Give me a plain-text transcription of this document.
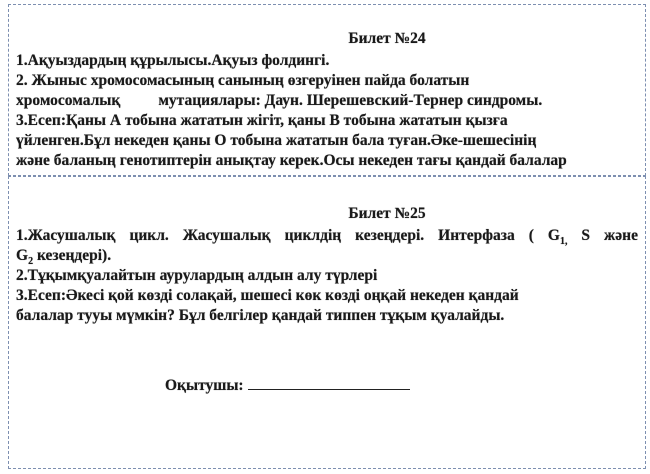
Билет №24
1.Ақуыздардың құрылысы.Ақуыз фолдингі.
2. Жыныс хромосомасының санының өзгеруінен пайда болатын
хромосомалық мутациялары: Даун. Шерешевский-Тернер синдромы.
3.Есеп:Қаны А тобына жататын жігіт, қаны В тобына жататын қызға
үйленген.Бұл некеден қаны О тобына жататын бала туған.Әке-шешесінің
және баланың генотиптерін анықтау керек.Осы некеден тағы қандай балалар
Билет №25
1.Жасушалық цикл. Жасушалық циклдің кезеңдері. Интерфаза ( $G_{1,}$ S және
$G_2$ кезеңдері).
2.Тұқымқуалайтын аурулардың алдын алу түрлері
3.Есеп:Әкесі қой көзді солақай, шешесі көк көзді оңқай некеден қандай
балалар тууы мүмкін? Бұл белгілер қандай типпен тұқым қуалайды.
Оқытушы:
